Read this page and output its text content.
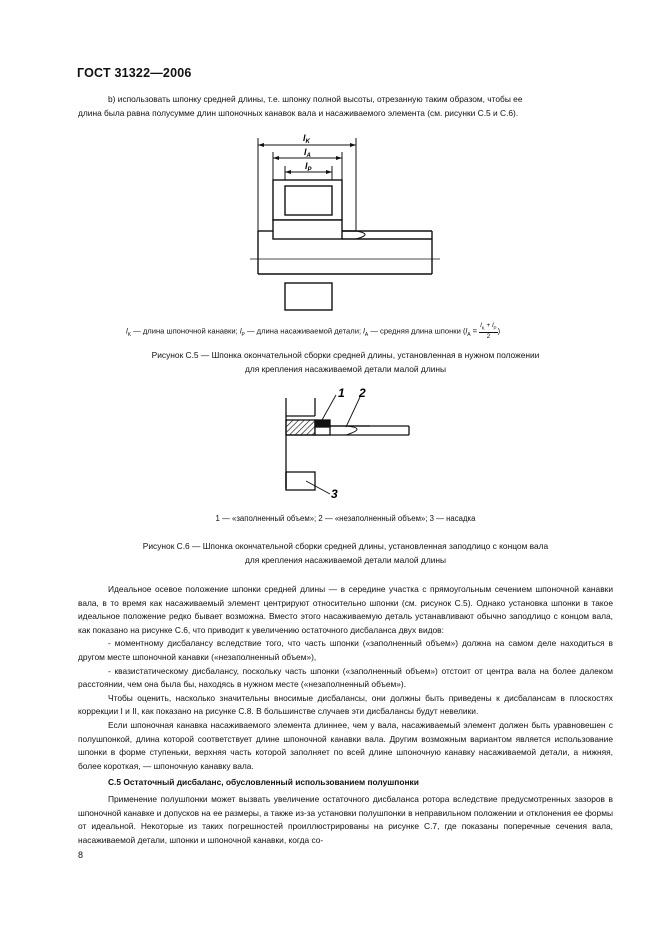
ГОСТ 31322—2006

b) использовать шпонку средней длины, т.е. шпонку полной высоты, отрезанную таким образом, чтобы ее

длина была равна полусумме длин шпоночных канавок вала и насаживаемого элемента (см. рисунки С.5 и С.6).

$l_K$
$l_A$
$l_P$
$l_K$ — длина шпоночной канавки; $l_P$ — длина насаживаемой детали; $l_A$ — средняя длина шпонки ($l_A = \frac{l_K + l_P}{2}$ )
Рисунок С.5 — Шпонка окончательной сборки средней длины, установленная в нужном положении
для крепления насаживаемой детали малой длины
1 2
3
1 — «заполненный объем»; 2 — «незаполненный объем»; 3 — насадка
Рисунок С.6 — Шпонка окончательной сборки средней длины, установленная заподлицо с концом вала
для крепления насаживаемой детали малой длины

Идеальное осевое положение шпонки средней длины — в середине участка с прямоугольным сечением шпоночной канавки вала, в то время как насаживаемый элемент центрируют относительно шпонки (см. рисунок С.5). Однако установка шпонки в такое идеальное положение редко бывает возможна. Вместо этого насаживаемую деталь устанавливают обычно заподлицо с концом вала, как показано на рисунке С.6, что приводит к увеличению остаточного дисбаланса двух видов:

- моментному дисбалансу вследствие того, что часть шпонки («заполненный объем») должна на самом деле находиться в другом месте шпоночной канавки («незаполненный объем»),

- квазистатическому дисбалансу, поскольку часть шпонки («заполненный объем») отстоит от центра вала на более далеком расстоянии, чем она была бы, находясь в нужном месте («незаполненный объем»).

Чтобы оценить, насколько значительны вносимые дисбалансы, они должны быть приведены к дисбалансам в плоскостях коррекции I и II, как показано на рисунке С.8. В большинстве случаев эти дисбалансы будут невелики.

Если шпоночная канавка насаживаемого элемента длиннее, чем у вала, насаживаемый элемент должен быть уравновешен с полушпонкой, длина которой соответствует длине шпоночной канавки вала. Другим возможным вариантом является использование шпонки в форме ступеньки, верхняя часть которой заполняет по всей длине шпоночную канавку насаживаемой детали, а нижняя, более короткая, — шпоночную канавку вала.

С.5 Остаточный дисбаланс, обусловленный использованием полушпонки

Применение полушпонки может вызвать увеличение остаточного дисбаланса ротора вследствие предусмотренных зазоров в шпоночной канавке и допусков на ее размеры, а также из-за установки полушпонки в неправильном положении и отклонения ее формы от идеальной. Некоторые из таких погрешностей проиллюстрированы на рисунке С.7, где показаны поперечные сечения вала, насаживаемой детали, шпонки и шпоночной канавки, когда со-

8
